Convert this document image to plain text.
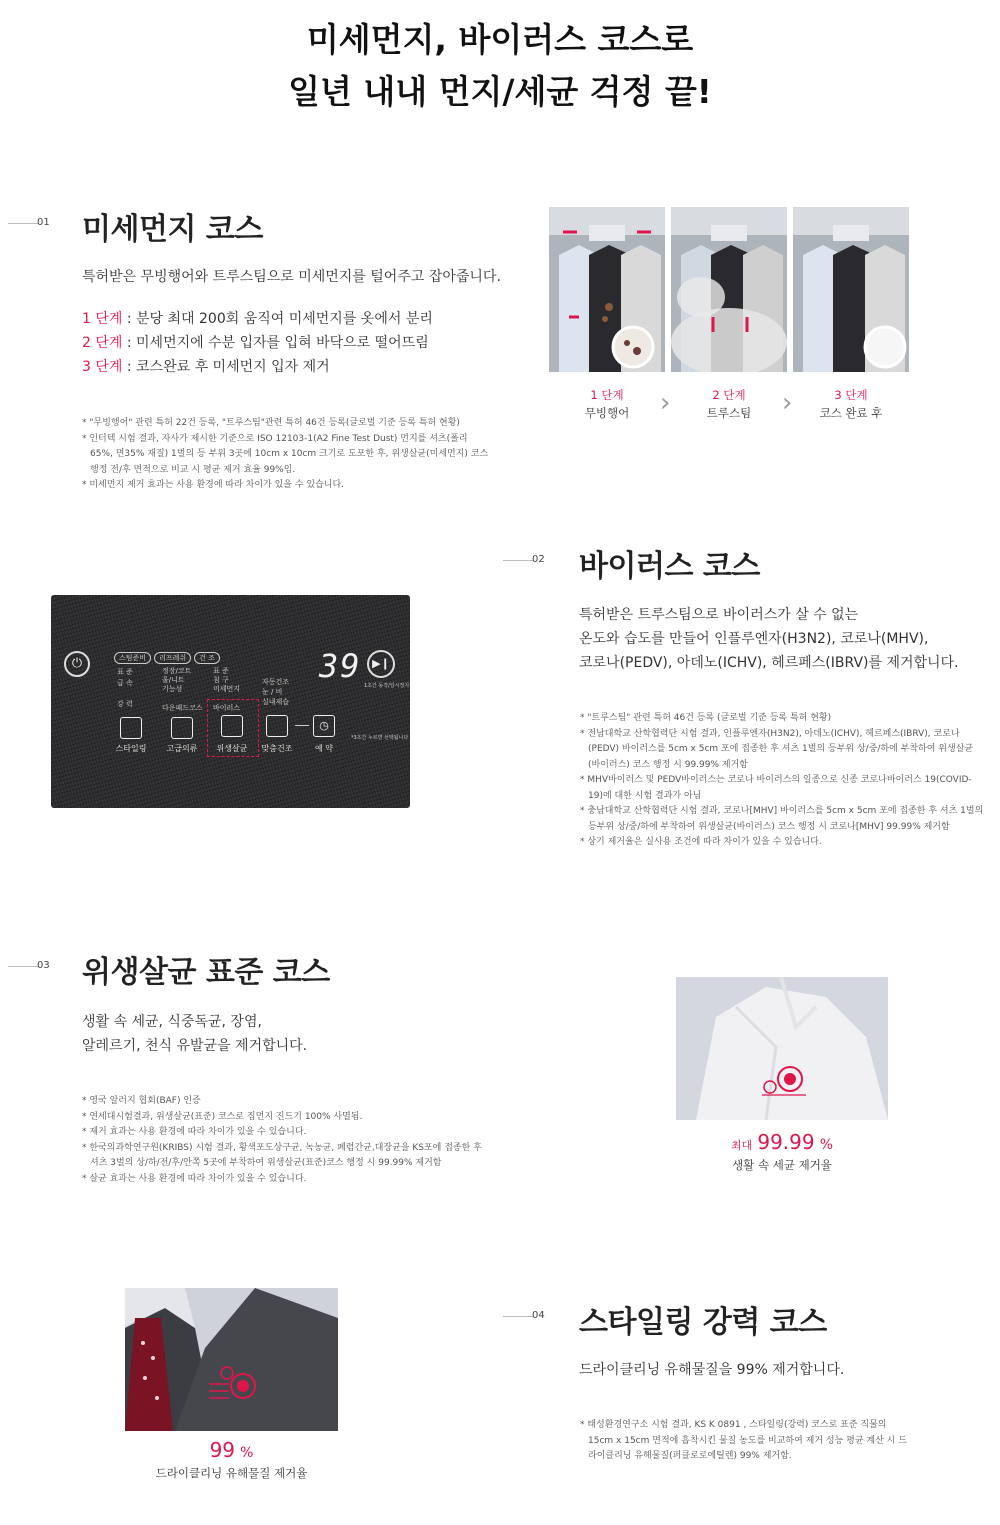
미세먼지, 바이러스 코스로
일년 내내 먼지/세균 걱정 끝!
01 미세먼지 코스
특허받은 무빙행어와 트루스팀으로 미세먼지를 털어주고 잡아줍니다.
1 단계 : 분당 최대 200회 움직여 미세먼지를 옷에서 분리
2 단계 : 미세먼지에 수분 입자를 입혀 바닥으로 떨어뜨림
3 단계 : 코스완료 후 미세먼지 입자 제거
* "무빙행어" 관련 특허 22건 등록, "트루스팀"관련 특허 46건 등록(글로벌 기준 등록 특허 현황)
* 인터텍 시험 결과, 자사가 제시한 기준으로 ISO 12103-1(A2 Fine Test Dust) 먼지를 셔츠(폴리 65%, 면35% 재질) 1벌의 등 부위 3곳에 10cm x 10cm 크기로 도포한 후, 위생살균(미세먼지) 코스 행정 전/후 면적으로 비교 시 평균 제거 효율 99%임.
* 미세먼지 제거 효과는 사용 환경에 따라 차이가 있을 수 있습니다.
1 단계
무빙행어	›	2 단계
트루스팀	›	3 단계
코스 완료 후
02 바이러스 코스
특허받은 트루스팀으로 바이러스가 살 수 없는
온도와 습도를 만들어 인플루엔자(H3N2), 코로나(MHV),
코로나(PEDV), 아데노(ICHV), 헤르페스(IBRV)를 제거합니다.
* "트루스팀" 관련 특허 46건 등록 (글로벌 기준 등록 특허 현황)
* 전남대학교 산학협력단 시험 결과, 인플루엔자(H3N2), 아데노(ICHV), 헤르페스(IBRV), 코로나(PEDV) 바이러스를 5cm x 5cm 포에 접종한 후 셔츠 1벌의 등부위 상/중/하에 부착하여 위생살균(바이러스) 코스 행정 시 99.99% 제거함
* MHV바이러스 및 PEDV바이러스는 코로나 바이러스의 일종으로 신종 코로나바이러스 19(COVID-19)에 대한 시험 결과가 아님
* 충남대학교 산학협력단 시험 결과, 코로나[MHV] 바이러스를 5cm x 5cm 포에 접종한 후 셔츠 1벌의 등부위 상/중/하에 부착하여 위생살균(바이러스) 코스 행정 시 코로나[MHV] 99.99% 제거함
* 상기 제거율은 실사용 조건에 따라 차이가 있을 수 있습니다.
⏻	스팀준비	리프레쉬	건 조
표 준
급 속
강 력
정장/코트
울/니트
기능성
다운패드코스
표 준
침 구
미세먼지
바이러스
자동건조
눈 / 비
실내제습
39 ▶❙
1초간 동작/일시정지
*3초간 누르면 선택됩니다
◷
스타일링	고급의류	위생살균	맞춤건조	예 약
03 위생살균 표준 코스
생활 속 세균, 식중독균, 장염,
알레르기, 천식 유발균을 제거합니다.
* 영국 알러지 협회(BAF) 인증
* 연세대시험결과, 위생살균(표준) 코스로 집먼지 진드기 100% 사멸됨.
* 제거 효과는 사용 환경에 따라 차이가 있을 수 있습니다.
* 한국의과학연구원(KRIBS) 시험 결과, 황색포도상구균, 녹농균, 폐렴간균,대장균을 KS포에 접종한 후 셔츠 3벌의 상/하/전/후/안쪽 5곳에 부착하여 위생살균(표준)코스 행정 시 99.99% 제거함
* 살균 효과는 사용 환경에 따라 차이가 있을 수 있습니다.
최대 99.99 %
생활 속 세균 제거율
04 스타일링 강력 코스
드라이클리닝 유해물질을 99% 제거합니다.
* 태성환경연구소 시험 결과, KS K 0891 , 스타일링(강력) 코스로 표준 직물의 15cm x 15cm 면적에 흡착시킨 물질 농도를 비교하여 제거 성능 평균 계산 시 드라이클리닝 유해물질(퍼클로로에틸렌) 99% 제거함.
99 %
드라이클리닝 유해물질 제거율
